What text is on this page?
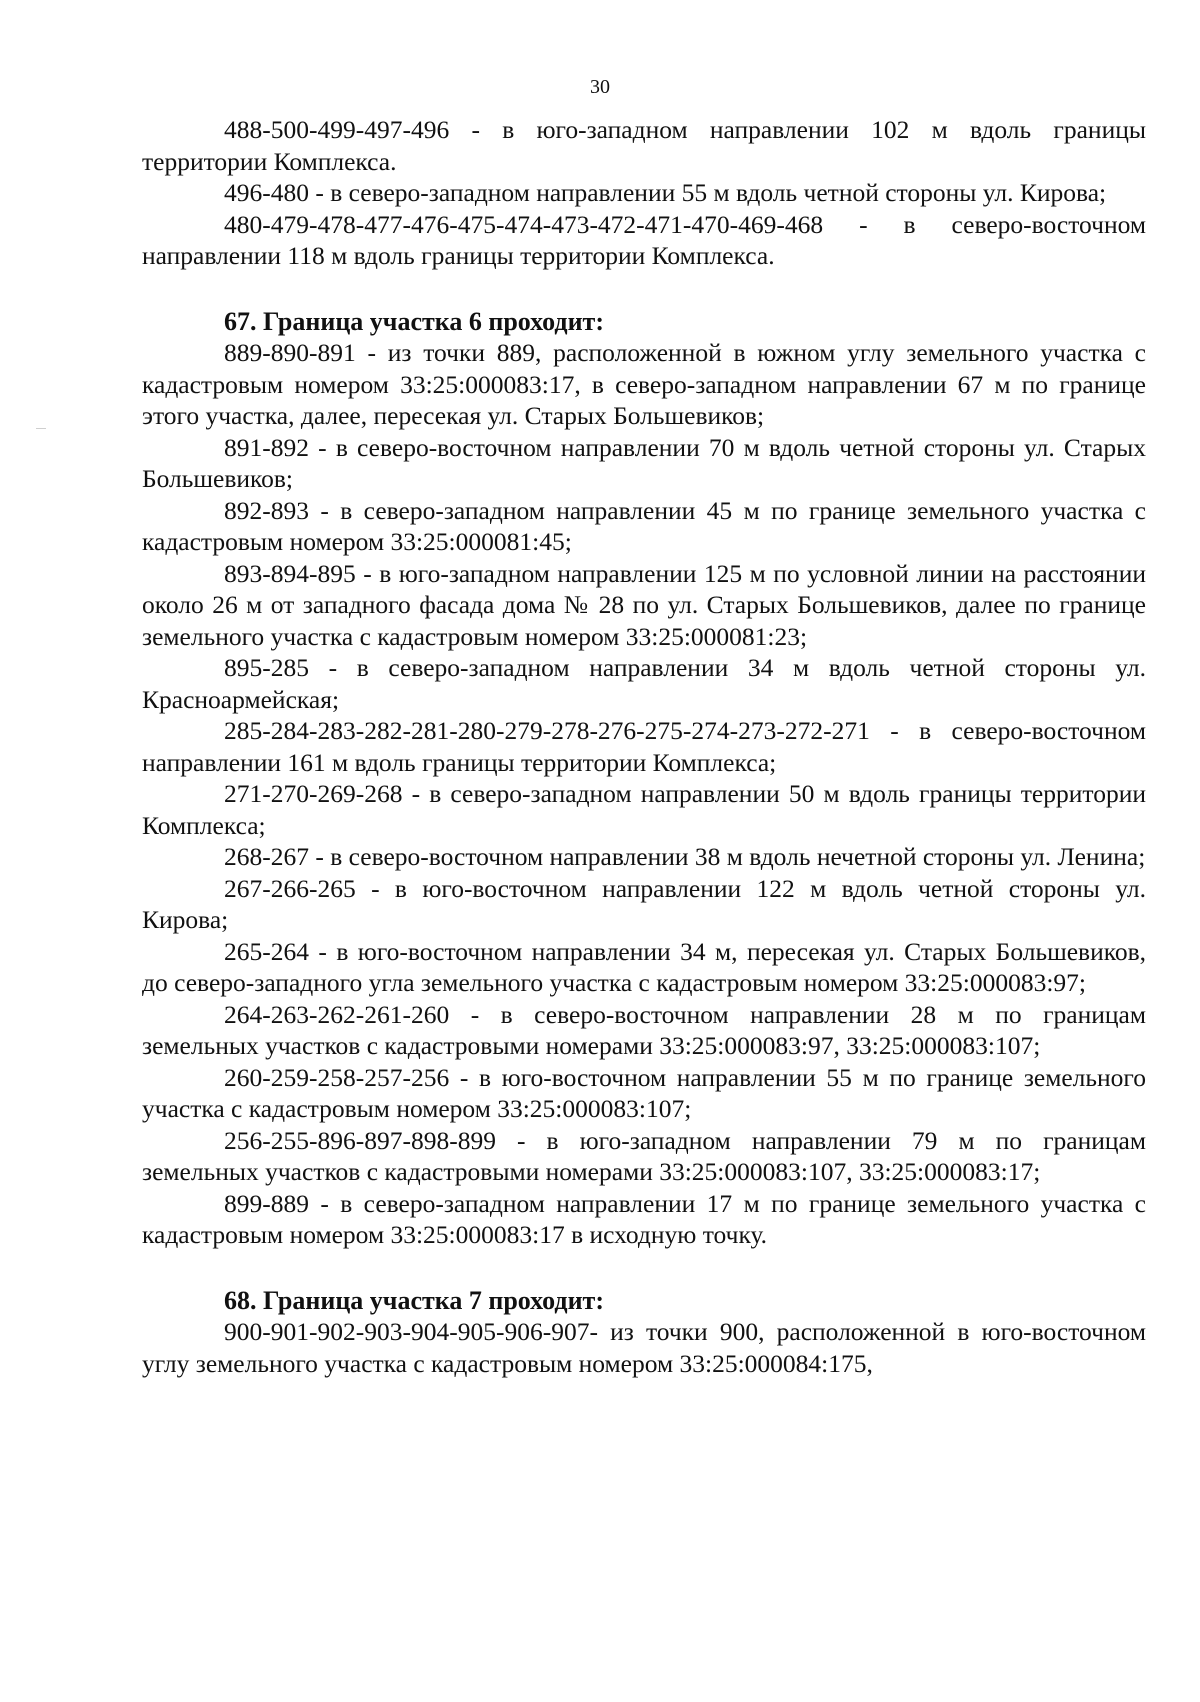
30

488-500-499-497-496 - в юго-западном направлении 102 м вдоль границы территории Комплекса.

496-480 - в северо-западном направлении 55 м вдоль четной стороны ул. Кирова;

480-479-478-477-476-475-474-473-472-471-470-469-468 - в северо-восточном направлении 118 м вдоль границы территории Комплекса.

67. Граница участка 6 проходит:

889-890-891 - из точки 889, расположенной в южном углу земельного участка с кадастровым номером 33:25:000083:17, в северо-западном направлении 67 м по границе этого участка, далее, пересекая ул. Старых Большевиков;

891-892 - в северо-восточном направлении 70 м вдоль четной стороны ул. Старых Большевиков;

892-893 - в северо-западном направлении 45 м по границе земельного участка с кадастровым номером 33:25:000081:45;

893-894-895 - в юго-западном направлении 125 м по условной линии на расстоянии около 26 м от западного фасада дома № 28 по ул. Старых Большевиков, далее по границе земельного участка с кадастровым номером 33:25:000081:23;

895-285 - в северо-западном направлении 34 м вдоль четной стороны ул. Красноармейская;

285-284-283-282-281-280-279-278-276-275-274-273-272-271 - в северо-восточном направлении 161 м вдоль границы территории Комплекса;

271-270-269-268 - в северо-западном направлении 50 м вдоль границы территории Комплекса;

268-267 - в северо-восточном направлении 38 м вдоль нечетной стороны ул. Ленина;

267-266-265 - в юго-восточном направлении 122 м вдоль четной стороны ул. Кирова;

265-264 - в юго-восточном направлении 34 м, пересекая ул. Старых Большевиков, до северо-западного угла земельного участка с кадастровым номером 33:25:000083:97;

264-263-262-261-260 - в северо-восточном направлении 28 м по границам земельных участков с кадастровыми номерами 33:25:000083:97, 33:25:000083:107;

260-259-258-257-256 - в юго-восточном направлении 55 м по границе земельного участка с кадастровым номером 33:25:000083:107;

256-255-896-897-898-899 - в юго-западном направлении 79 м по границам земельных участков с кадастровыми номерами 33:25:000083:107, 33:25:000083:17;

899-889 - в северо-западном направлении 17 м по границе земельного участка с кадастровым номером 33:25:000083:17 в исходную точку.

68. Граница участка 7 проходит:

900-901-902-903-904-905-906-907- из точки 900, расположенной в юго-восточном углу земельного участка с кадастровым номером 33:25:000084:175,
